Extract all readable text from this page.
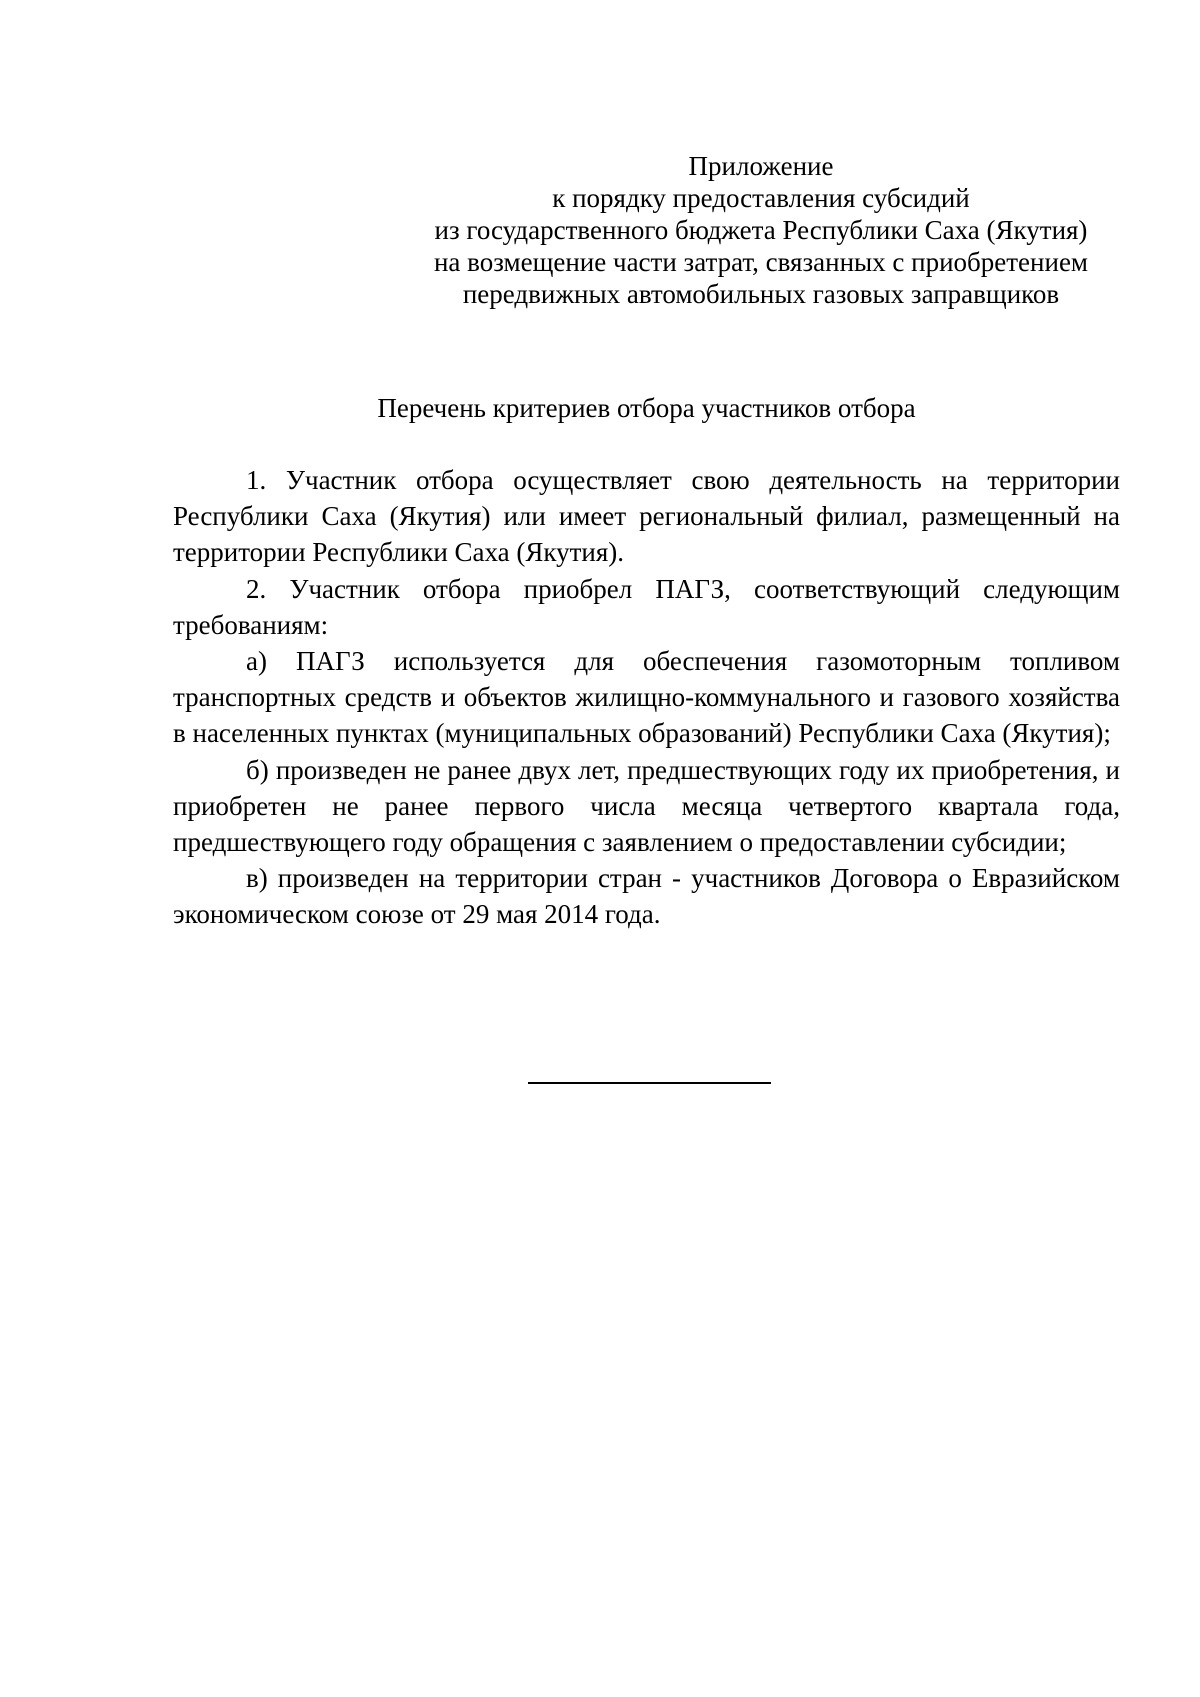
Приложение
к порядку предоставления субсидий
из государственного бюджета Республики Саха (Якутия)
на возмещение части затрат, связанных с приобретением
передвижных автомобильных газовых заправщиков
Перечень критериев отбора участников отбора

1. Участник отбора осуществляет свою деятельность на территории Республики Саха (Якутия) или имеет региональный филиал, размещенный на территории Республики Саха (Якутия).

2. Участник отбора приобрел ПАГЗ, соответствующий следующим требованиям:

а) ПАГЗ используется для обеспечения газомоторным топливом транспортных средств и объектов жилищно-коммунального и газового хозяйства в населенных пунктах (муниципальных образований) Республики Саха (Якутия);

б) произведен не ранее двух лет, предшествующих году их приобретения, и приобретен не ранее первого числа месяца четвертого квартала года, предшествующего году обращения с заявлением о предоставлении субсидии;

в) произведен на территории стран - участников Договора о Евразийском экономическом союзе от 29 мая 2014 года.
